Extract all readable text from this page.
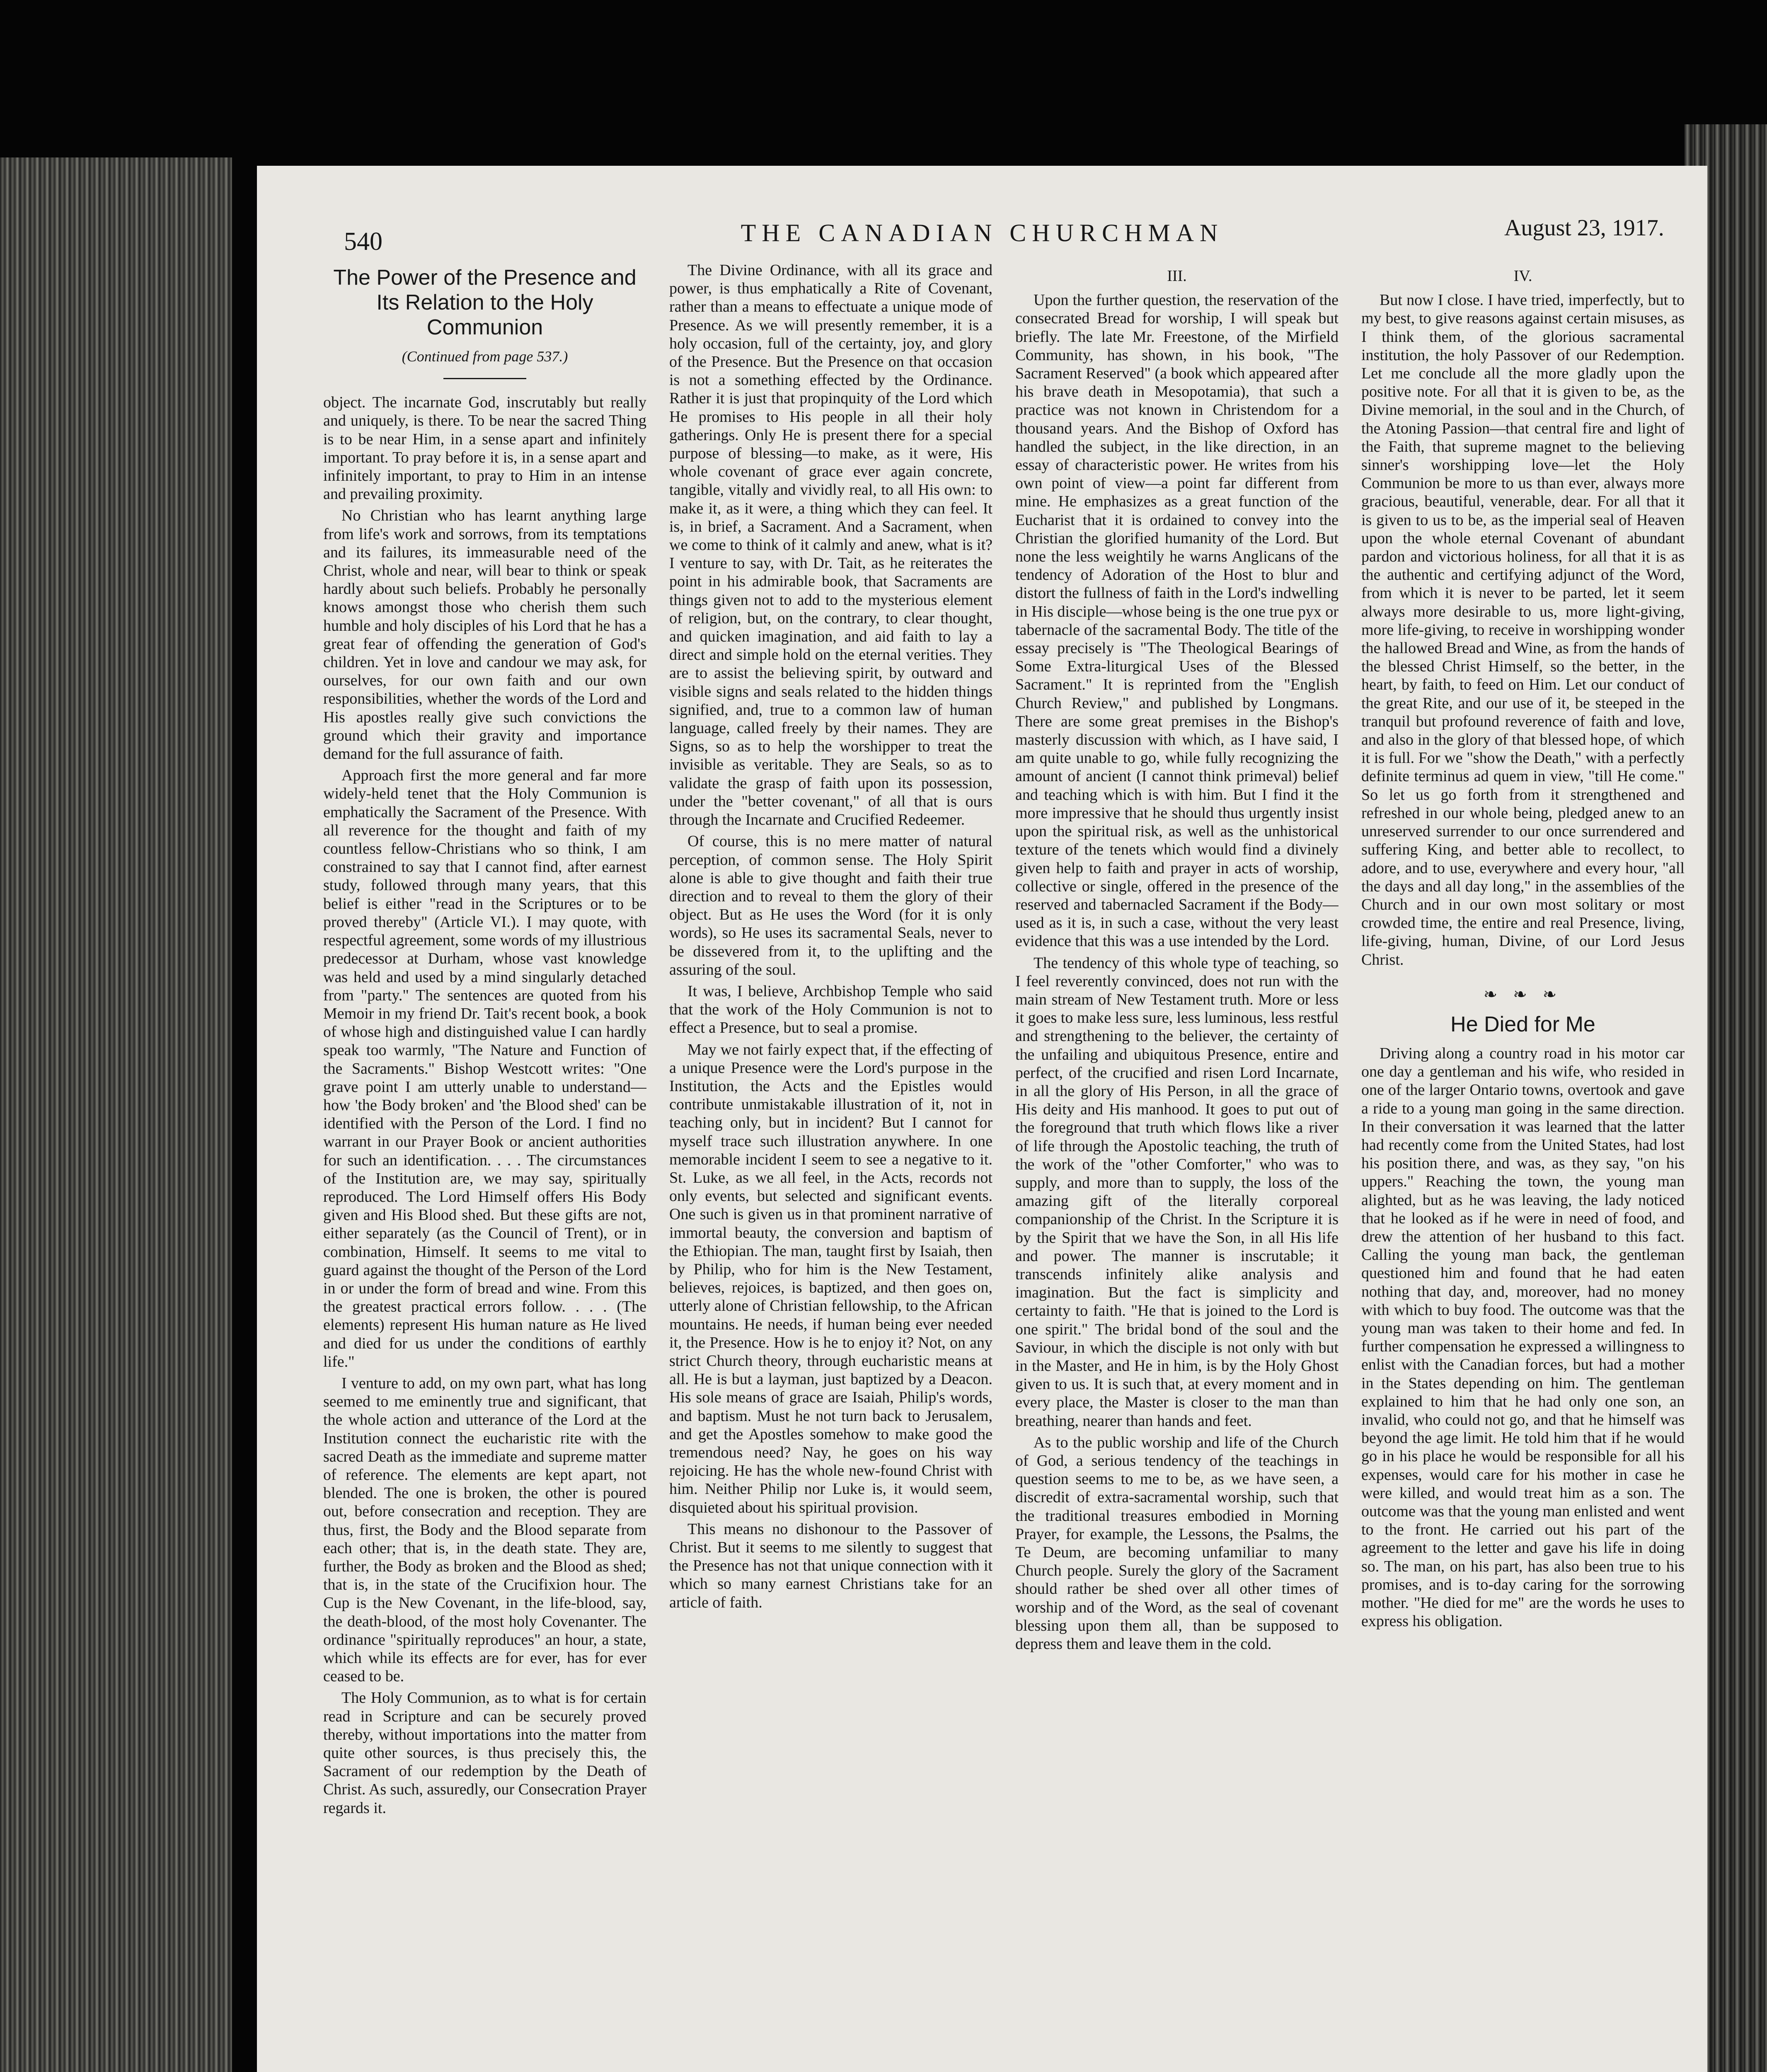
540	THE CANADIAN CHURCHMAN	August 23, 1917.
The Power of the Presence and Its Relation to the Holy Communion
(Continued from page 537.)

object. The incarnate God, inscrutably but really and uniquely, is there. To be near the sacred Thing is to be near Him, in a sense apart and infinitely important. To pray before it is, in a sense apart and infinitely important, to pray to Him in an intense and prevailing proximity.

No Christian who has learnt anything large from life's work and sorrows, from its temptations and its failures, its immeasurable need of the Christ, whole and near, will bear to think or speak hardly about such beliefs. Probably he personally knows amongst those who cherish them such humble and holy disciples of his Lord that he has a great fear of offending the generation of God's children. Yet in love and candour we may ask, for ourselves, for our own faith and our own responsibilities, whether the words of the Lord and His apostles really give such convictions the ground which their gravity and importance demand for the full assurance of faith.

Approach first the more general and far more widely-held tenet that the Holy Communion is emphatically the Sacrament of the Presence. With all reverence for the thought and faith of my countless fellow-Christians who so think, I am constrained to say that I cannot find, after earnest study, followed through many years, that this belief is either "read in the Scriptures or to be proved thereby" (Article VI.). I may quote, with respectful agreement, some words of my illustrious predecessor at Durham, whose vast knowledge was held and used by a mind singularly detached from "party." The sentences are quoted from his Memoir in my friend Dr. Tait's recent book, a book of whose high and distinguished value I can hardly speak too warmly, "The Nature and Function of the Sacraments." Bishop Westcott writes: "One grave point I am utterly unable to understand—how 'the Body broken' and 'the Blood shed' can be identified with the Person of the Lord. I find no warrant in our Prayer Book or ancient authorities for such an identification. . . . The circumstances of the Institution are, we may say, spiritually reproduced. The Lord Himself offers His Body given and His Blood shed. But these gifts are not, either separately (as the Council of Trent), or in combination, Himself. It seems to me vital to guard against the thought of the Person of the Lord in or under the form of bread and wine. From this the greatest practical errors follow. . . . (The elements) represent His human nature as He lived and died for us under the conditions of earthly life."

I venture to add, on my own part, what has long seemed to me eminently true and significant, that the whole action and utterance of the Lord at the Institution connect the eucharistic rite with the sacred Death as the immediate and supreme matter of reference. The elements are kept apart, not blended. The one is broken, the other is poured out, before consecration and reception. They are thus, first, the Body and the Blood separate from each other; that is, in the death state. They are, further, the Body as broken and the Blood as shed; that is, in the state of the Crucifixion hour. The Cup is the New Covenant, in the life-blood, say, the death-blood, of the most holy Covenanter. The ordinance "spiritually reproduces" an hour, a state, which while its effects are for ever, has for ever ceased to be.

The Holy Communion, as to what is for certain read in Scripture and can be securely proved thereby, without importations into the matter from quite other sources, is thus precisely this, the Sacrament of our redemption by the Death of Christ. As such, assuredly, our Consecration Prayer regards it.

The Divine Ordinance, with all its grace and power, is thus emphatically a Rite of Covenant, rather than a means to effectuate a unique mode of Presence. As we will presently remember, it is a holy occasion, full of the certainty, joy, and glory of the Presence. But the Presence on that occasion is not a something effected by the Ordinance. Rather it is just that propinquity of the Lord which He promises to His people in all their holy gatherings. Only He is present there for a special purpose of blessing—to make, as it were, His whole covenant of grace ever again concrete, tangible, vitally and vividly real, to all His own: to make it, as it were, a thing which they can feel. It is, in brief, a Sacrament. And a Sacrament, when we come to think of it calmly and anew, what is it? I venture to say, with Dr. Tait, as he reiterates the point in his admirable book, that Sacraments are things given not to add to the mysterious element of religion, but, on the contrary, to clear thought, and quicken imagination, and aid faith to lay a direct and simple hold on the eternal verities. They are to assist the believing spirit, by outward and visible signs and seals related to the hidden things signified, and, true to a common law of human language, called freely by their names. They are Signs, so as to help the worshipper to treat the invisible as veritable. They are Seals, so as to validate the grasp of faith upon its possession, under the "better covenant," of all that is ours through the Incarnate and Crucified Redeemer.

Of course, this is no mere matter of natural perception, of common sense. The Holy Spirit alone is able to give thought and faith their true direction and to reveal to them the glory of their object. But as He uses the Word (for it is only words), so He uses its sacramental Seals, never to be dissevered from it, to the uplifting and the assuring of the soul.

It was, I believe, Archbishop Temple who said that the work of the Holy Communion is not to effect a Presence, but to seal a promise.

May we not fairly expect that, if the effecting of a unique Presence were the Lord's purpose in the Institution, the Acts and the Epistles would contribute unmistakable illustration of it, not in teaching only, but in incident? But I cannot for myself trace such illustration anywhere. In one memorable incident I seem to see a negative to it. St. Luke, as we all feel, in the Acts, records not only events, but selected and significant events. One such is given us in that prominent narrative of immortal beauty, the conversion and baptism of the Ethiopian. The man, taught first by Isaiah, then by Philip, who for him is the New Testament, believes, rejoices, is baptized, and then goes on, utterly alone of Christian fellowship, to the African mountains. He needs, if human being ever needed it, the Presence. How is he to enjoy it? Not, on any strict Church theory, through eucharistic means at all. He is but a layman, just baptized by a Deacon. His sole means of grace are Isaiah, Philip's words, and baptism. Must he not turn back to Jerusalem, and get the Apostles somehow to make good the tremendous need? Nay, he goes on his way rejoicing. He has the whole new-found Christ with him. Neither Philip nor Luke is, it would seem, disquieted about his spiritual provision.

This means no dishonour to the Passover of Christ. But it seems to me silently to suggest that the Presence has not that unique connection with it which so many earnest Christians take for an article of faith.

III.

Upon the further question, the reservation of the consecrated Bread for worship, I will speak but briefly. The late Mr. Freestone, of the Mirfield Community, has shown, in his book, "The Sacrament Reserved" (a book which appeared after his brave death in Mesopotamia), that such a practice was not known in Christendom for a thousand years. And the Bishop of Oxford has handled the subject, in the like direction, in an essay of characteristic power. He writes from his own point of view—a point far different from mine. He emphasizes as a great function of the Eucharist that it is ordained to convey into the Christian the glorified humanity of the Lord. But none the less weightily he warns Anglicans of the tendency of Adoration of the Host to blur and distort the fullness of faith in the Lord's indwelling in His disciple—whose being is the one true pyx or tabernacle of the sacramental Body. The title of the essay precisely is "The Theological Bearings of Some Extra-liturgical Uses of the Blessed Sacrament." It is reprinted from the "English Church Review," and published by Longmans. There are some great premises in the Bishop's masterly discussion with which, as I have said, I am quite unable to go, while fully recognizing the amount of ancient (I cannot think primeval) belief and teaching which is with him. But I find it the more impressive that he should thus urgently insist upon the spiritual risk, as well as the unhistorical texture of the tenets which would find a divinely given help to faith and prayer in acts of worship, collective or single, offered in the presence of the reserved and tabernacled Sacrament if the Body—used as it is, in such a case, without the very least evidence that this was a use intended by the Lord.

The tendency of this whole type of teaching, so I feel reverently convinced, does not run with the main stream of New Testament truth. More or less it goes to make less sure, less luminous, less restful and strengthening to the believer, the certainty of the unfailing and ubiquitous Presence, entire and perfect, of the crucified and risen Lord Incarnate, in all the glory of His Person, in all the grace of His deity and His manhood. It goes to put out of the foreground that truth which flows like a river of life through the Apostolic teaching, the truth of the work of the "other Comforter," who was to supply, and more than to supply, the loss of the amazing gift of the literally corporeal companionship of the Christ. In the Scripture it is by the Spirit that we have the Son, in all His life and power. The manner is inscrutable; it transcends infinitely alike analysis and imagination. But the fact is simplicity and certainty to faith. "He that is joined to the Lord is one spirit." The bridal bond of the soul and the Saviour, in which the disciple is not only with but in the Master, and He in him, is by the Holy Ghost given to us. It is such that, at every moment and in every place, the Master is closer to the man than breathing, nearer than hands and feet.

As to the public worship and life of the Church of God, a serious tendency of the teachings in question seems to me to be, as we have seen, a discredit of extra-sacramental worship, such that the traditional treasures embodied in Morning Prayer, for example, the Lessons, the Psalms, the Te Deum, are becoming unfamiliar to many Church people. Surely the glory of the Sacrament should rather be shed over all other times of worship and of the Word, as the seal of covenant blessing upon them all, than be supposed to depress them and leave them in the cold.

IV.

But now I close. I have tried, imperfectly, but to my best, to give reasons against certain misuses, as I think them, of the glorious sacramental institution, the holy Passover of our Redemption. Let me conclude all the more gladly upon the positive note. For all that it is given to be, as the Divine memorial, in the soul and in the Church, of the Atoning Passion—that central fire and light of the Faith, that supreme magnet to the believing sinner's worshipping love—let the Holy Communion be more to us than ever, always more gracious, beautiful, venerable, dear. For all that it is given to us to be, as the imperial seal of Heaven upon the whole eternal Covenant of abundant pardon and victorious holiness, for all that it is as the authentic and certifying adjunct of the Word, from which it is never to be parted, let it seem always more desirable to us, more light-giving, more life-giving, to receive in worshipping wonder the hallowed Bread and Wine, as from the hands of the blessed Christ Himself, so the better, in the heart, by faith, to feed on Him. Let our conduct of the great Rite, and our use of it, be steeped in the tranquil but profound reverence of faith and love, and also in the glory of that blessed hope, of which it is full. For we "show the Death," with a perfectly definite terminus ad quem in view, "till He come." So let us go forth from it strengthened and refreshed in our whole being, pledged anew to an unreserved surrender to our once surrendered and suffering King, and better able to recollect, to adore, and to use, everywhere and every hour, "all the days and all day long," in the assemblies of the Church and in our own most solitary or most crowded time, the entire and real Presence, living, life-giving, human, Divine, of our Lord Jesus Christ.

❧ ❧ ❧
He Died for Me

Driving along a country road in his motor car one day a gentleman and his wife, who resided in one of the larger Ontario towns, overtook and gave a ride to a young man going in the same direction. In their conversation it was learned that the latter had recently come from the United States, had lost his position there, and was, as they say, "on his uppers." Reaching the town, the young man alighted, but as he was leaving, the lady noticed that he looked as if he were in need of food, and drew the attention of her husband to this fact. Calling the young man back, the gentleman questioned him and found that he had eaten nothing that day, and, moreover, had no money with which to buy food. The outcome was that the young man was taken to their home and fed. In further compensation he expressed a willingness to enlist with the Canadian forces, but had a mother in the States depending on him. The gentleman explained to him that he had only one son, an invalid, who could not go, and that he himself was beyond the age limit. He told him that if he would go in his place he would be responsible for all his expenses, would care for his mother in case he were killed, and would treat him as a son. The outcome was that the young man enlisted and went to the front. He carried out his part of the agreement to the letter and gave his life in doing so. The man, on his part, has also been true to his promises, and is to-day caring for the sorrowing mother. "He died for me" are the words he uses to express his obligation.
